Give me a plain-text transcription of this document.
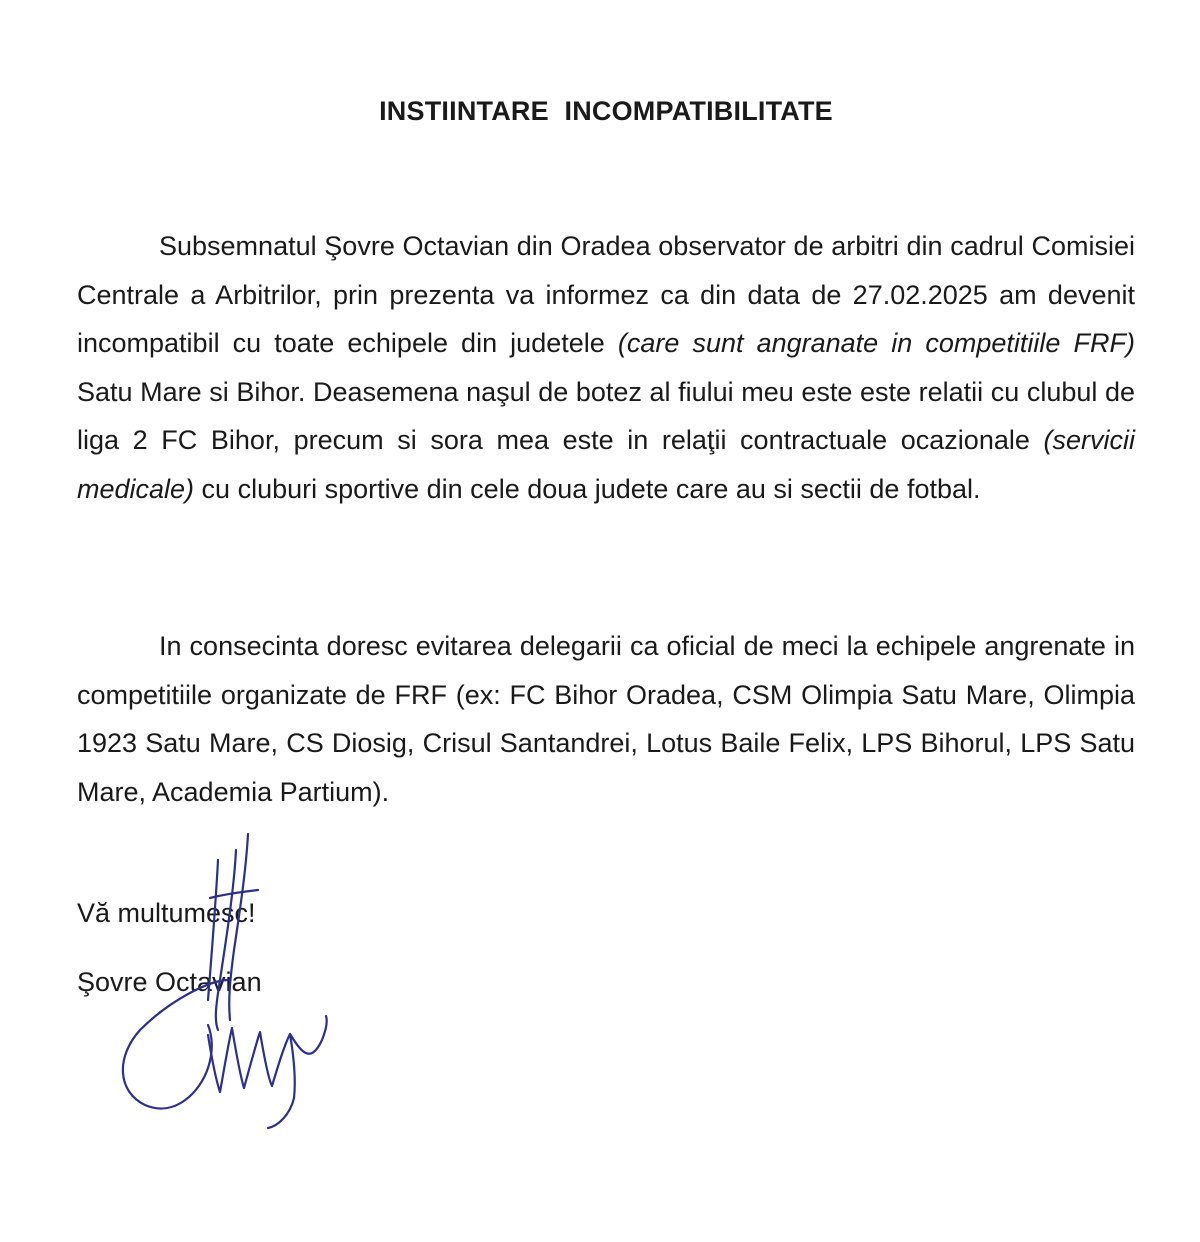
INSTIINTARE INCOMPATIBILITATE

Subsemnatul Şovre Octavian din Oradea observator de arbitri din cadrul Comisiei Centrale a Arbitrilor, prin prezenta va informez ca din data de 27.02.2025 am devenit incompatibil cu toate echipele din judetele (care sunt angranate in competitiile FRF) Satu Mare si Bihor. Deasemena naşul de botez al fiului meu este este relatii cu clubul de liga 2 FC Bihor, precum si sora mea este in relaţii contractuale ocazionale (servicii medicale) cu cluburi sportive din cele doua judete care au si sectii de fotbal.

In consecinta doresc evitarea delegarii ca oficial de meci la echipele angrenate in competitiile organizate de FRF (ex: FC Bihor Oradea, CSM Olimpia Satu Mare, Olimpia 1923 Satu Mare, CS Diosig, Crisul Santandrei, Lotus Baile Felix, LPS Bihorul, LPS Satu Mare, Academia Partium).

Vă multumesc!

Şovre Octavian
